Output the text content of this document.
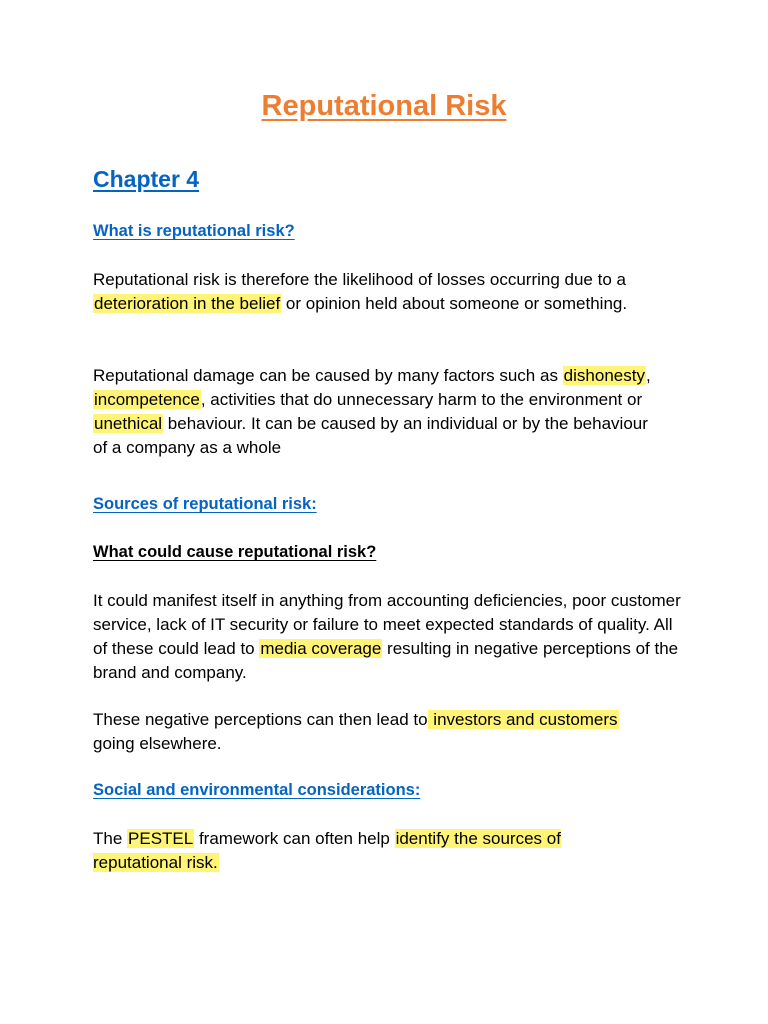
Reputational Risk
Chapter 4
What is reputational risk?

Reputational risk is therefore the likelihood of losses occurring due to a deterioration in the belief or opinion held about someone or something.

Reputational damage can be caused by many factors such as dishonesty, incompetence, activities that do unnecessary harm to the environment or unethical behaviour. It can be caused by an individual or by the behaviour of a company as a whole

Sources of reputational risk:
What could cause reputational risk?

It could manifest itself in anything from accounting deficiencies, poor customer service, lack of IT security or failure to meet expected standards of quality. All of these could lead to media coverage resulting in negative perceptions of the brand and company.

These negative perceptions can then lead to investors and customers
going elsewhere.

Social and environmental considerations:

The PESTEL framework can often help identify the sources of reputational risk.
